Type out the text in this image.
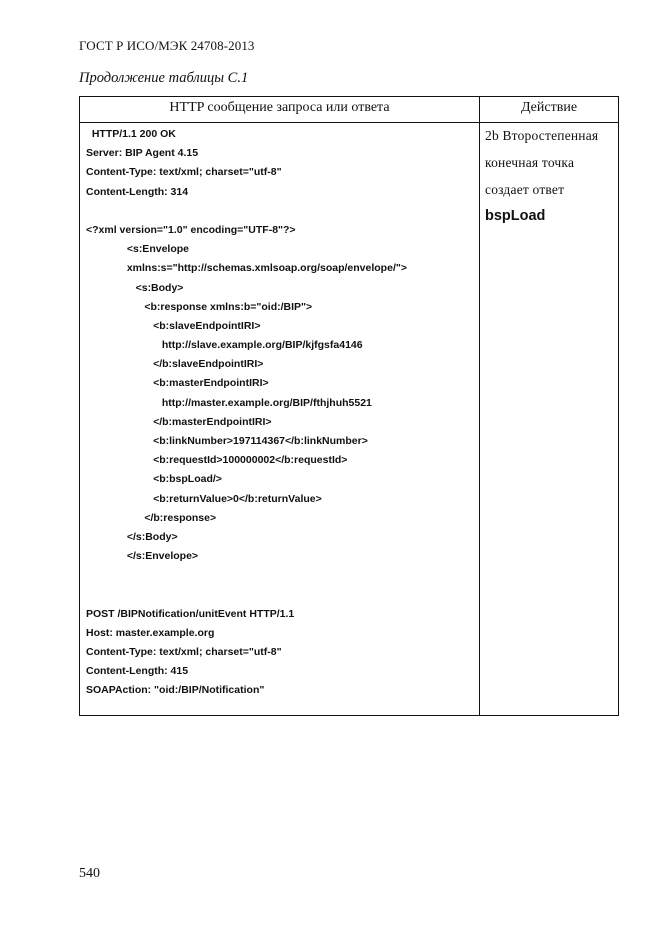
ГОСТ Р ИСО/МЭК 24708-2013
Продолжение таблицы С.1
HTTP сообщение запроса или ответа	Действие
HTTP/1.1 200 OK
Server: BIP Agent 4.15
Content-Type: text/xml; charset="utf-8"
Content-Length: 314
<?xml version="1.0" encoding="UTF-8"?>
<s:Envelope
xmlns:s="http://schemas.xmlsoap.org/soap/envelope/">
<s:Body>
<b:response xmlns:b="oid:/BIP">
<b:slaveEndpointIRI>
http://slave.example.org/BIP/kjfgsfa4146
</b:slaveEndpointIRI>
<b:masterEndpointIRI>
http://master.example.org/BIP/fthjhuh5521
</b:masterEndpointIRI>
<b:linkNumber>197114367</b:linkNumber>
<b:requestId>100000002</b:requestId>
<b:bspLoad/>
<b:returnValue>0</b:returnValue>
</b:response>
</s:Body>
</s:Envelope>
POST /BIPNotification/unitEvent HTTP/1.1
Host: master.example.org
Content-Type: text/xml; charset="utf-8"
Content-Length: 415
SOAPAction: "oid:/BIP/Notification"
2b Второстепенная
конечная точка
создает ответ
bspLoad
540
